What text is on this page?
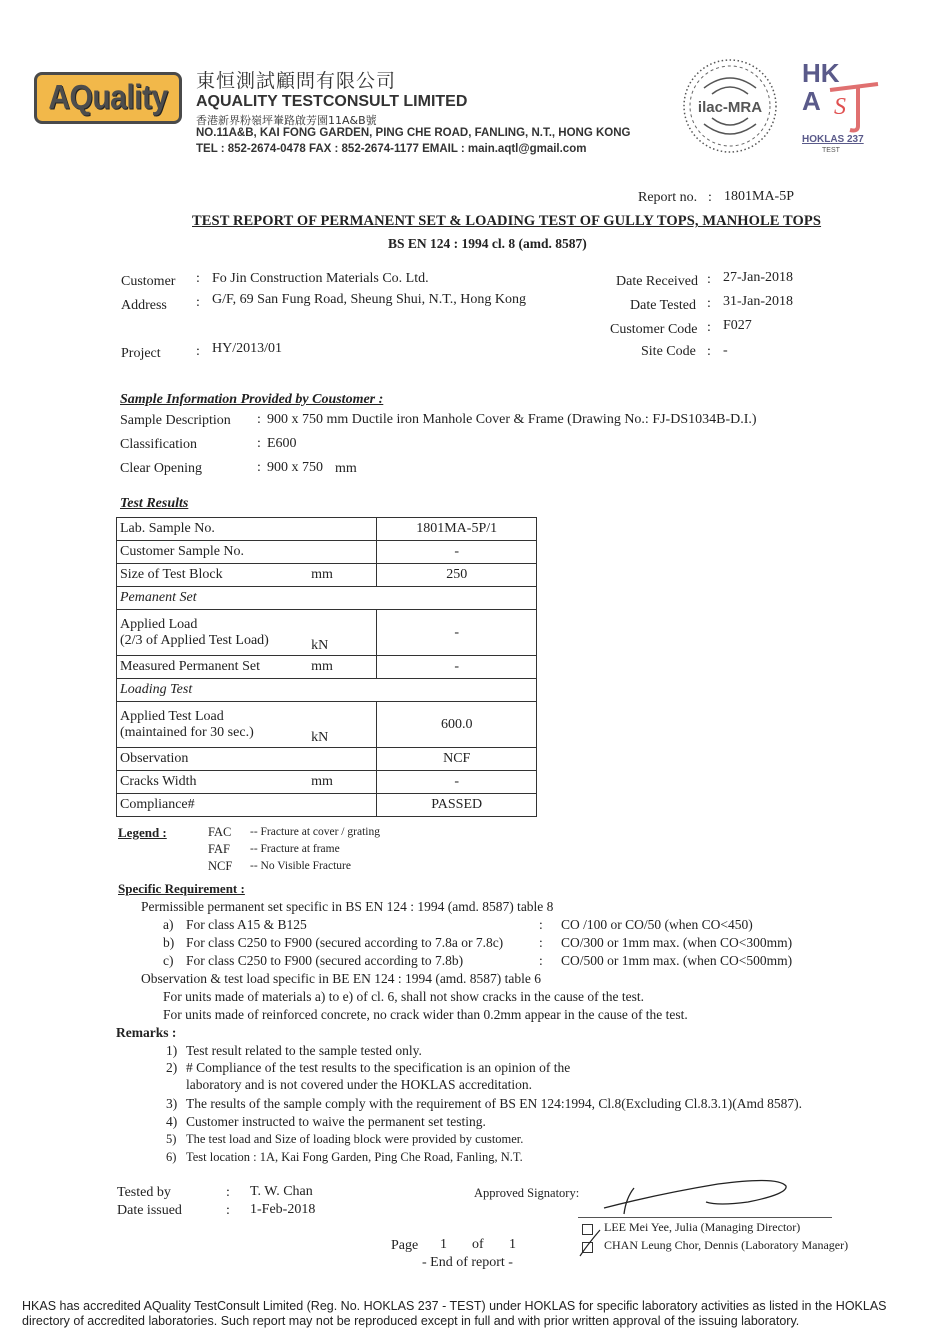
AQuality 東恒測試顧問有限公司
AQUALITY TESTCONSULT LIMITED
香港新界粉嶺坪輋路啟芳園11A&B號
NO.11A&B, KAI FONG GARDEN, PING CHE ROAD, FANLING, N.T., HONG KONG
TEL : 852-2674-0478 FAX : 852-2674-1177 EMAIL : main.aqtl@gmail.com
ilac-MRA
HK
A S
HOKLAS 237
TEST
Report no. : 1801MA-5P
TEST REPORT OF PERMANENT SET & LOADING TEST OF GULLY TOPS, MANHOLE TOPS
BS EN 124 : 1994 cl. 8 (amd. 8587)
Customer : Fo Jin Construction Materials Co. Ltd.
Address : G/F, 69 San Fung Road, Sheung Shui, N.T., Hong Kong
Project	: HY/2013/01
Date Received : 27-Jan-2018
Date Tested : 31-Jan-2018
Customer Code : F027
Site Code : -
Sample Information Provided by Coustomer :
Sample Description : 900 x 750 mm Ductile iron Manhole Cover & Frame (Drawing No.: FJ-DS1034B-D.I.)
Classification	: E600
Clear Opening	: 900 x 750 mm
Test Results
Lab. Sample No.		1801MA-5P/1
Customer Sample No.		-
Size of Test Block	mm	250
Pemanent Set		

Applied Load
(2/3 of Applied Test Load)	kN	-
Measured Permanent Set	mm	-
Loading Test		

Applied Test Load
(maintained for 30 sec.)	kN	600.0
Observation		NCF
Cracks Width	mm	-
Compliance#		PASSED
Legend :	FAC -- Fracture at cover / grating
FAF -- Fracture at frame
NCF -- No Visible Fracture
Specific Requirement :
Permissible permanent set specific in BS EN 124 : 1994 (amd. 8587) table 8
a) For class A15 & B125	: CO /100 or CO/50 (when CO<450)
b) For class C250 to F900 (secured according to 7.8a or 7.8c)	: CO/300 or 1mm max. (when CO<300mm)
c) For class C250 to F900 (secured according to 7.8b)	: CO/500 or 1mm max. (when CO<500mm)
Observation & test load specific in BE EN 124 : 1994 (amd. 8587) table 6
For units made of materials a) to e) of cl. 6, shall not show cracks in the cause of the test.
For units made of reinforced concrete, no crack wider than 0.2mm appear in the cause of the test.
Remarks :
1) Test result related to the sample tested only.
2) # Compliance of the test results to the specification is an opinion of the
laboratory and is not covered under the HOKLAS accreditation.
3) The results of the sample comply with the requirement of BS EN 124:1994, Cl.8(Excluding Cl.8.3.1)(Amd 8587).
4) Customer instructed to waive the permanent set testing.
5) The test load and Size of loading block were provided by customer.
6) Test location : 1A, Kai Fong Garden, Ping Che Road, Fanling, N.T.
Tested by	: T. W. Chan
Date issued	: 1-Feb-2018
Approved Signatory:
LEE Mei Yee, Julia (Managing Director)
CHAN Leung Chor, Dennis (Laboratory Manager)
Page 1 of 1
- End of report -
HKAS has accredited AQuality TestConsult Limited (Reg. No. HOKLAS 237 - TEST) under HOKLAS for specific laboratory activities as listed in the HOKLAS
directory of accredited laboratories. Such report may not be reproduced except in full and with prior written approval of the issuing laboratory.
